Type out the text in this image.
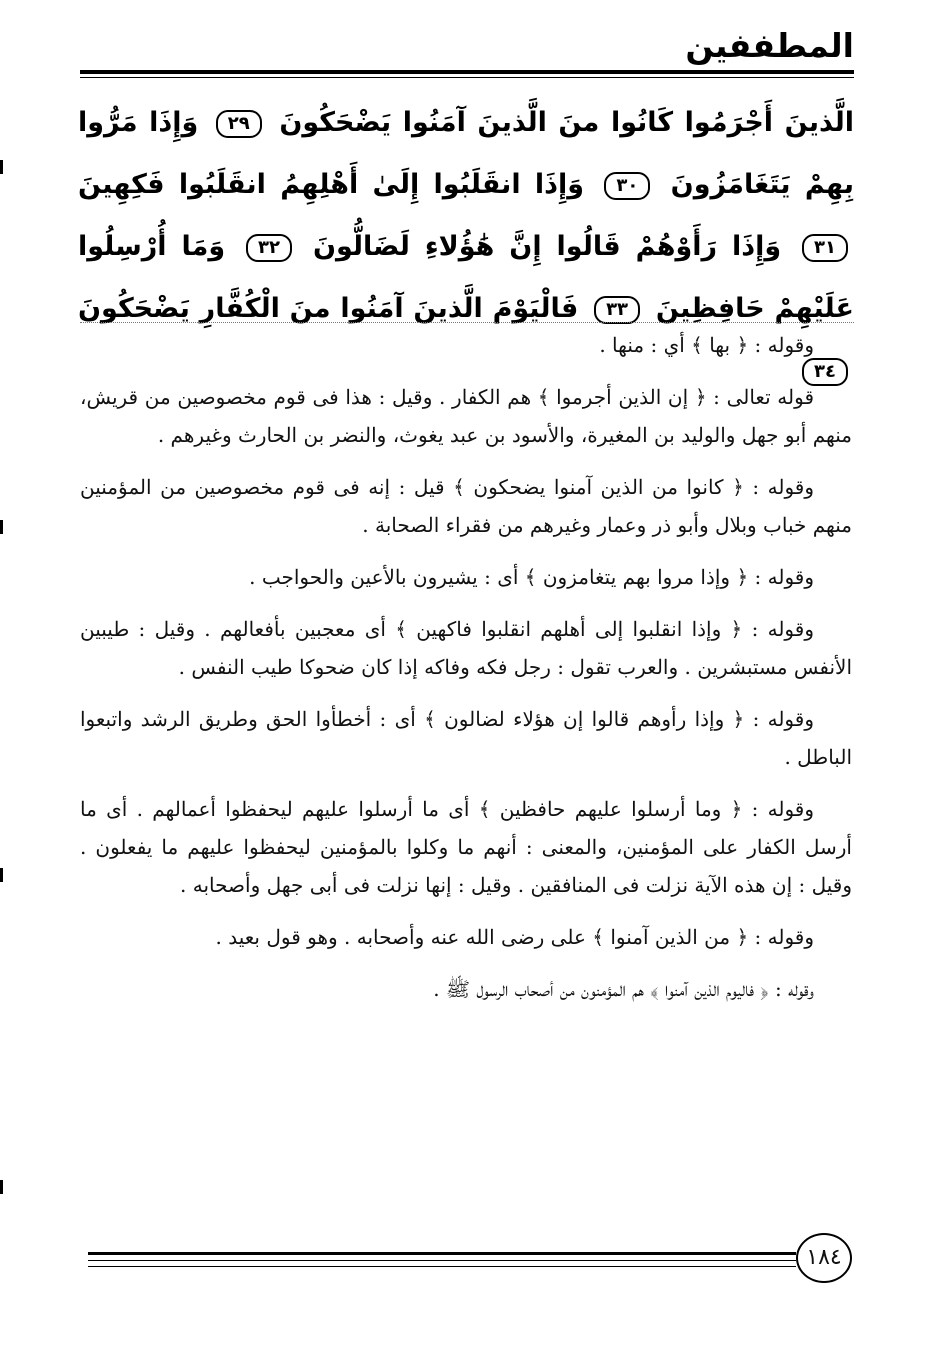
المطففين
الَّذينَ أَجْرَمُوا كَانُوا منَ الَّذينَ آمَنُوا يَضْحَكُونَ ٢٩ وَإِذَا مَرُّوا بِهِمْ يَتَغَامَزُونَ ٣٠ وَإِذَا انقَلَبُوا إِلَىٰ أَهْلِهِمُ انقَلَبُوا فَكِهِينَ ٣١ وَإِذَا رَأَوْهُمْ قَالُوا إِنَّ هَٰؤُلاءِ لَضَالُّونَ ٣٢ وَمَا أُرْسِلُوا عَلَيْهِمْ حَافِظِينَ ٣٣ فَالْيَوْمَ الَّذينَ آمَنُوا منَ الْكُفَّارِ يَضْحَكُونَ ٣٤

وقوله : ﴿ بها ﴾ أي : منها .

قوله تعالى : ﴿ إن الذين أجرموا ﴾ هم الكفار . وقيل : هذا فى قوم مخصوصين من قريش، منهم أبو جهل والوليد بن المغيرة، والأسود بن عبد يغوث، والنضر بن الحارث وغيرهم .

وقوله : ﴿ كانوا من الذين آمنوا يضحكون ﴾ قيل : إنه فى قوم مخصوصين من المؤمنين منهم خباب وبلال وأبو ذر وعمار وغيرهم من فقراء الصحابة .

وقوله : ﴿ وإذا مروا بهم يتغامزون ﴾ أى : يشيرون بالأعين والحواجب .

وقوله : ﴿ وإذا انقلبوا إلى أهلهم انقلبوا فاكهين ﴾ أى معجبين بأفعالهم . وقيل : طيبين الأنفس مستبشرين . والعرب تقول : رجل فكه وفاكه إذا كان ضحوكا طيب النفس .

وقوله : ﴿ وإذا رأوهم قالوا إن هؤلاء لضالون ﴾ أى : أخطأوا الحق وطريق الرشد واتبعوا الباطل .

وقوله : ﴿ وما أرسلوا عليهم حافظين ﴾ أى ما أرسلوا عليهم ليحفظوا أعمالهم . أى ما أرسل الكفار على المؤمنين، والمعنى : أنهم ما وكلوا بالمؤمنين ليحفظوا عليهم ما يفعلون . وقيل : إن هذه الآية نزلت فى المنافقين . وقيل : إنها نزلت فى أبى جهل وأصحابه .

وقوله : ﴿ من الذين آمنوا ﴾ على رضى الله عنه وأصحابه . وهو قول بعيد .

وقوله : ﴿ فاليوم الذين آمنوا ﴾ هم المؤمنون من أصحاب الرسول ﷺ .

١٨٤
